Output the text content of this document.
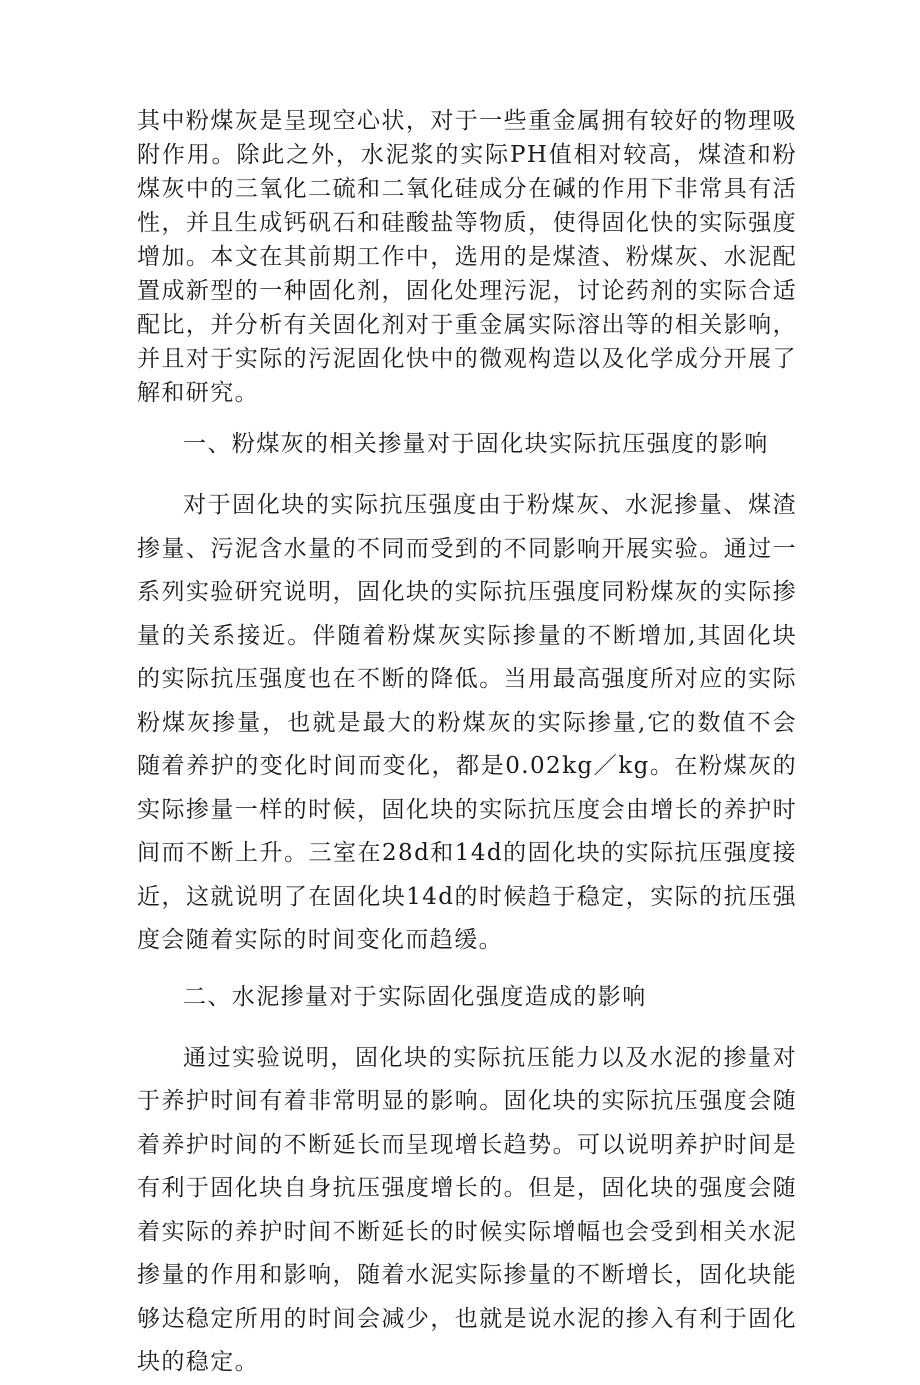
其中粉煤灰是呈现空心状，对于一些重金属拥有较好的物理吸附作用。除此之外，水泥浆的实际PH值相对较高，煤渣和粉煤灰中的三氧化二硫和二氧化硅成分在碱的作用下非常具有活性，并且生成钙矾石和硅酸盐等物质，使得固化快的实际强度增加。本文在其前期工作中，选用的是煤渣、粉煤灰、水泥配置成新型的一种固化剂，固化处理污泥，讨论药剂的实际合适配比，并分析有关固化剂对于重金属实际溶出等的相关影响，并且对于实际的污泥固化快中的微观构造以及化学成分开展了解和研究。

一、粉煤灰的相关掺量对于固化块实际抗压强度的影响

对于固化块的实际抗压强度由于粉煤灰、水泥掺量、煤渣掺量、污泥含水量的不同而受到的不同影响开展实验。通过一系列实验研究说明，固化块的实际抗压强度同粉煤灰的实际掺量的关系接近。伴随着粉煤灰实际掺量的不断增加,其固化块的实际抗压强度也在不断的降低。当用最高强度所对应的实际粉煤灰掺量，也就是最大的粉煤灰的实际掺量,它的数值不会随着养护的变化时间而变化，都是0.02kg／kg。在粉煤灰的实际掺量一样的时候，固化块的实际抗压度会由增长的养护时间而不断上升。三室在28d和14d的固化块的实际抗压强度接近，这就说明了在固化块14d的时候趋于稳定，实际的抗压强度会随着实际的时间变化而趋缓。

二、水泥掺量对于实际固化强度造成的影响

通过实验说明，固化块的实际抗压能力以及水泥的掺量对于养护时间有着非常明显的影响。固化块的实际抗压强度会随着养护时间的不断延长而呈现增长趋势。可以说明养护时间是有利于固化块自身抗压强度增长的。但是，固化块的强度会随着实际的养护时间不断延长的时候实际增幅也会受到相关水泥掺量的作用和影响，随着水泥实际掺量的不断增长，固化块能够达稳定所用的时间会减少，也就是说水泥的掺入有利于固化块的稳定。
